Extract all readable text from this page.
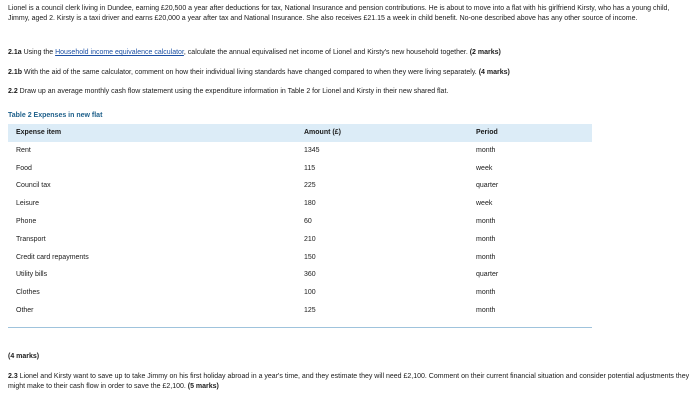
Lionel is a council clerk living in Dundee, earning £20,500 a year after deductions for tax, National Insurance and pension contributions. He is about to move into a flat with his girlfriend Kirsty, who has a young child, Jimmy, aged 2. Kirsty is a taxi driver and earns £20,000 a year after tax and National Insurance. She also receives £21.15 a week in child benefit. No-one described above has any other source of income.

2.1a Using the Household income equivalence calculator, calculate the annual equivalised net income of Lionel and Kirsty's new household together. (2 marks)

2.1b With the aid of the same calculator, comment on how their individual living standards have changed compared to when they were living separately. (4 marks)

2.2 Draw up an average monthly cash flow statement using the expenditure information in Table 2 for Lionel and Kirsty in their new shared flat.

Table 2 Expenses in new flat
Expense item	Amount (£)	Period
Rent	1345	month
Food	115	week
Council tax	225	quarter
Leisure	180	week
Phone	60	month
Transport	210	month
Credit card repayments	150	month
Utility bills	360	quarter
Clothes	100	month
Other	125	month
(4 marks)

2.3 Lionel and Kirsty want to save up to take Jimmy on his first holiday abroad in a year's time, and they estimate they will need £2,100. Comment on their current financial situation and consider potential adjustments they might make to their cash flow in order to save the £2,100. (5 marks)
